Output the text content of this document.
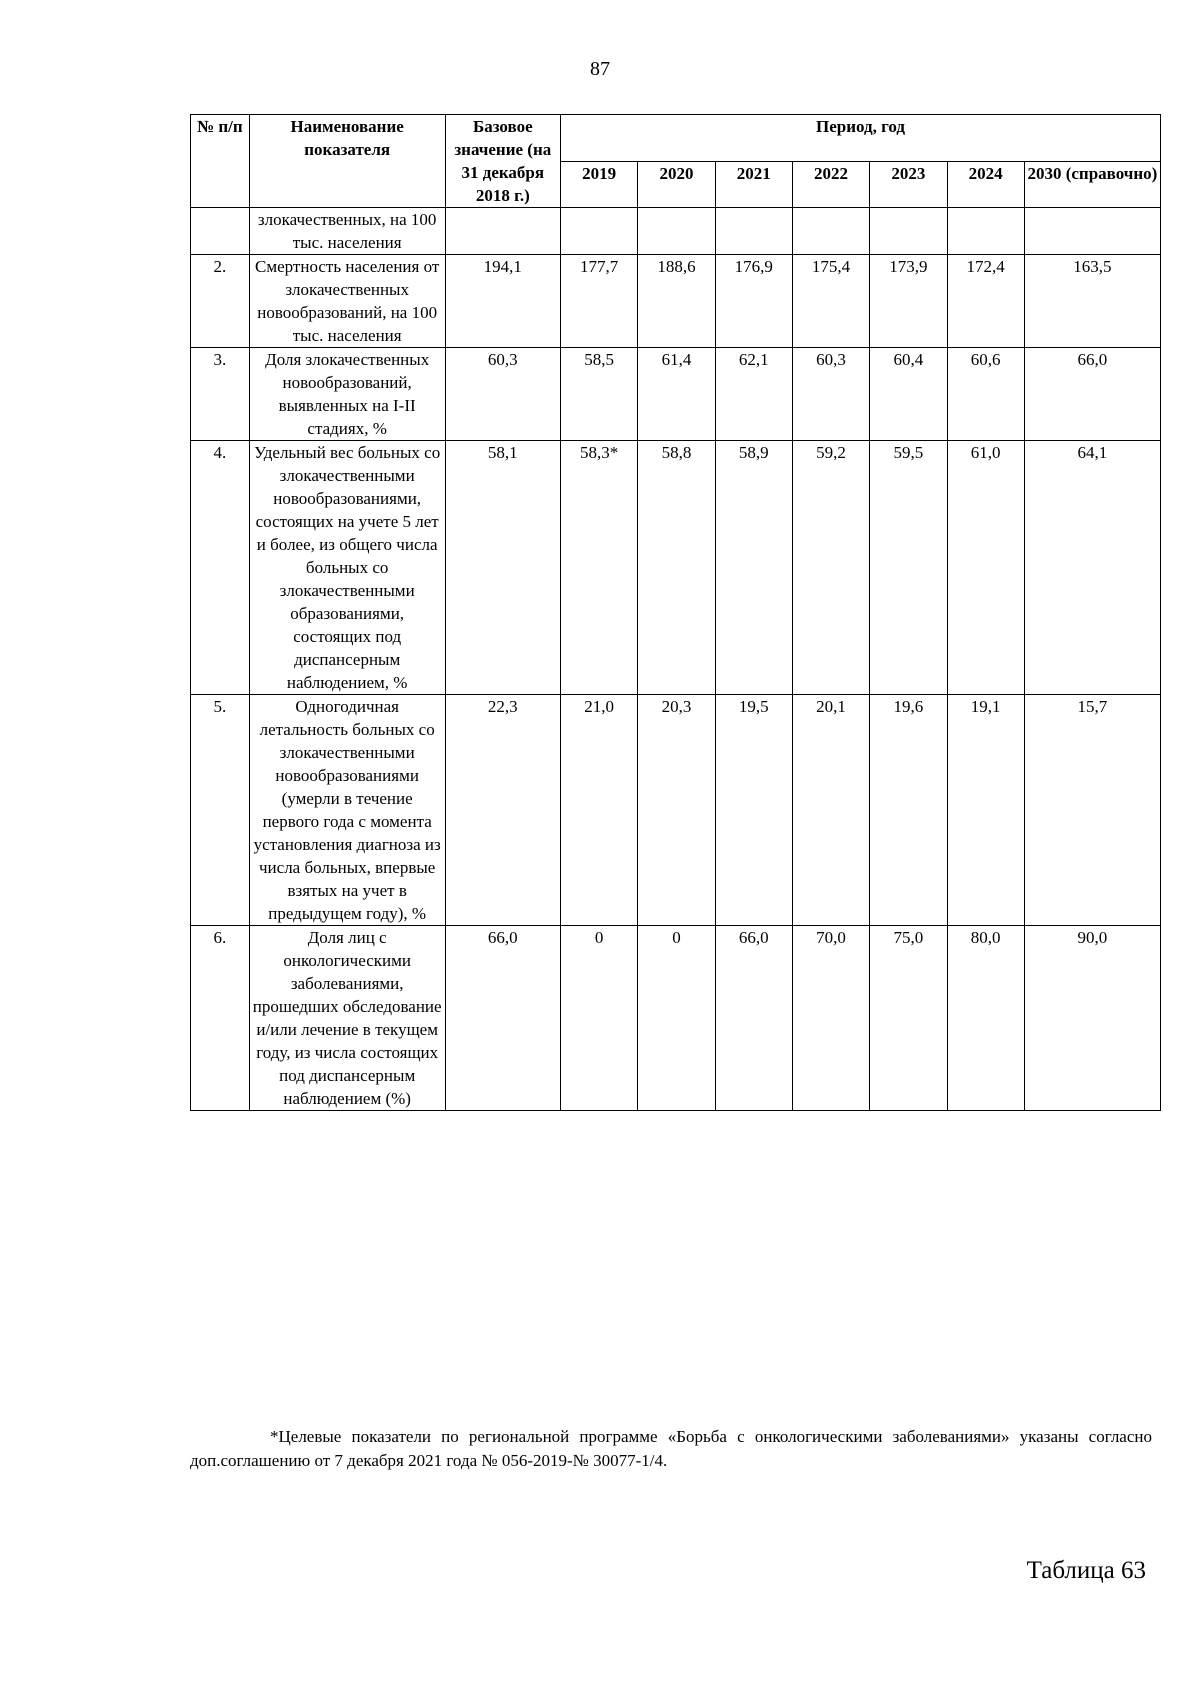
87
№ п/п	Наименование показателя	Базовое значение (на 31 декабря 2018 г.)	Период, год						
			2019	2020	2021	2022	2023	2024	2030 (справочно)
	злокачественных, на 100 тыс. населения								
2.	Смертность населения от злокачественных новообразований, на 100 тыс. населения	194,1	177,7	188,6	176,9	175,4	173,9	172,4	163,5
3.	Доля злокачественных новообразований, выявленных на I-II стадиях, %	60,3	58,5	61,4	62,1	60,3	60,4	60,6	66,0
4.	Удельный вес больных со злокачественными новообразованиями, состоящих на учете 5 лет и более, из общего числа больных со злокачественными образованиями, состоящих под диспансерным наблюдением, %	58,1	58,3*	58,8	58,9	59,2	59,5	61,0	64,1
5.	Одногодичная летальность больных со злокачественными новообразованиями (умерли в течение первого года с момента установления диагноза из числа больных, впервые взятых на учет в предыдущем году), %	22,3	21,0	20,3	19,5	20,1	19,6	19,1	15,7
6.	Доля лиц с онкологическими заболеваниями, прошедших обследование и/или лечение в текущем году, из числа состоящих под диспансерным наблюдением (%)	66,0	0	0	66,0	70,0	75,0	80,0	90,0
*Целевые показатели по региональной программе «Борьба с онкологическими заболеваниями» указаны согласно доп.соглашению от 7 декабря 2021 года № 056-2019-№ 30077-1/4.
Таблица 63
